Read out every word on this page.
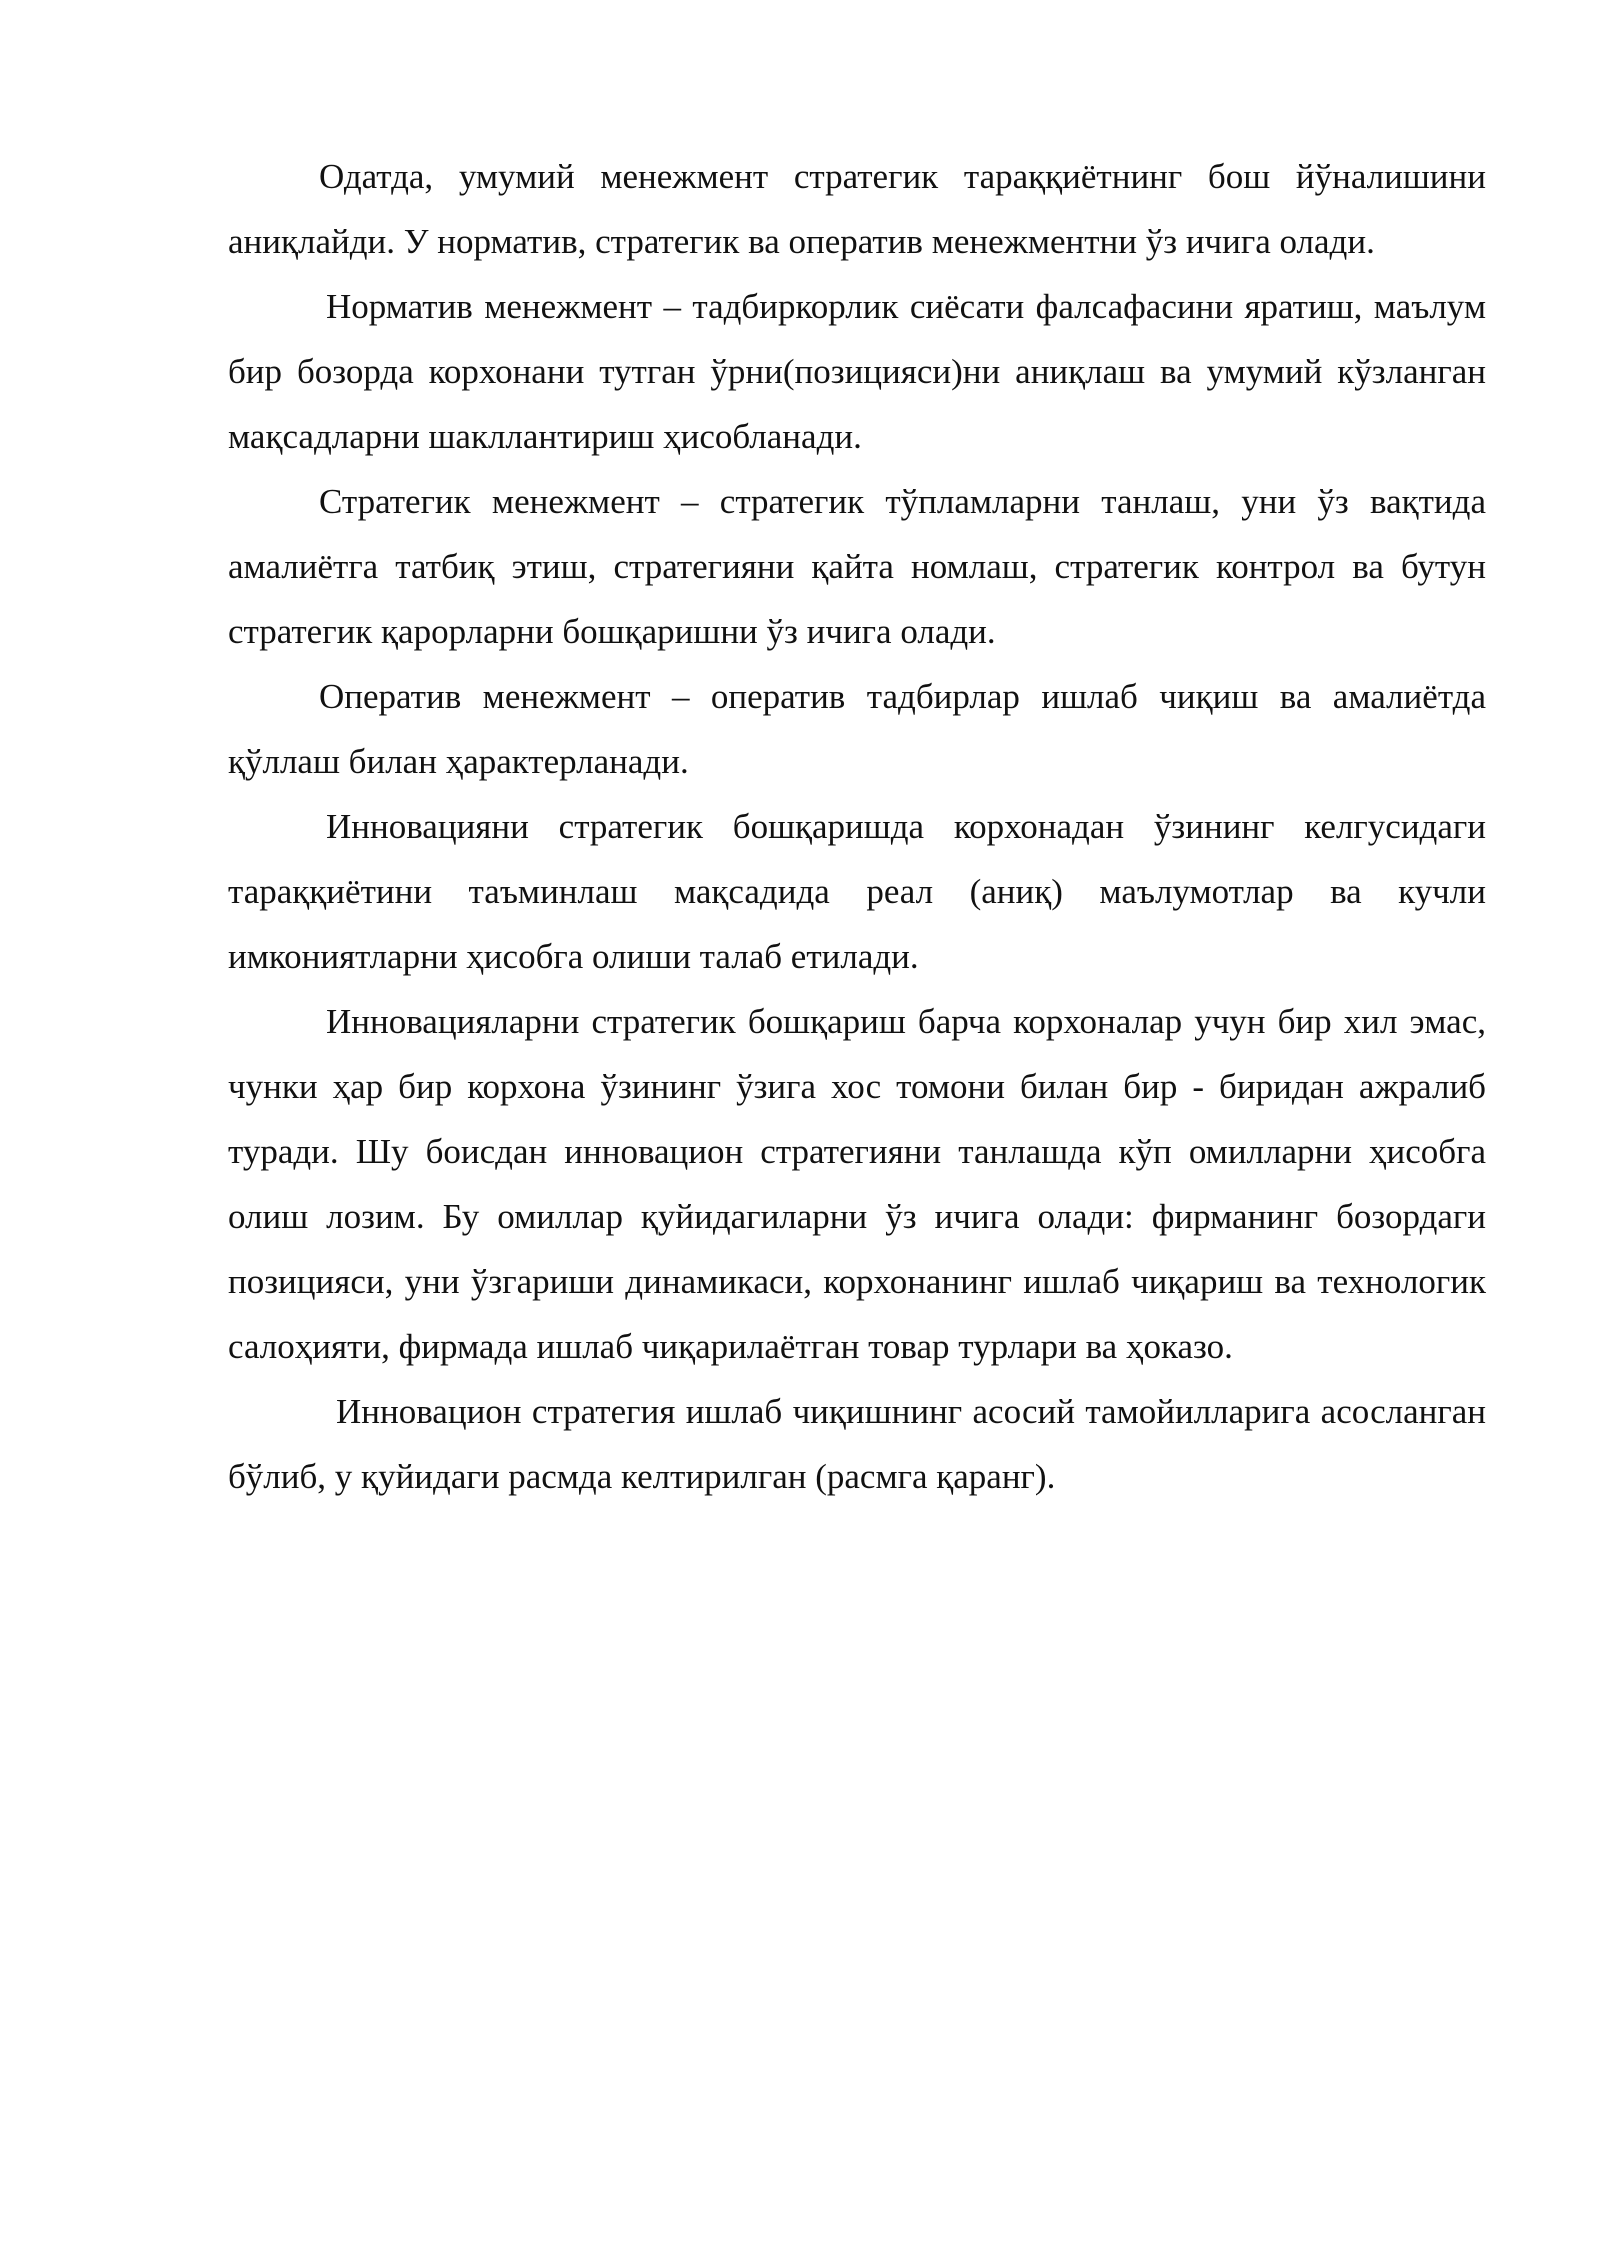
Одатда, умумий менежмент стратегик тараққиётнинг бош йўналишини аниқлайди. У норматив, стратегик ва оператив менежментни ўз ичига олади.

Норматив менежмент – тадбиркорлик сиёсати фалсафасини яратиш, маълум бир бозорда корхонани тутган ўрни(позицияси)ни аниқлаш ва умумий кўзланган мақсадларни шакллантириш ҳисобланади.

Стратегик менежмент – стратегик тўпламларни танлаш, уни ўз вақтида амалиётга татбиқ этиш, стратегияни қайта номлаш, стратегик контрол ва бутун стратегик қарорларни бошқаришни ўз ичига олади.

Оператив менежмент – оператив тадбирлар ишлаб чиқиш ва амалиётда қўллаш билан ҳарактерланади.

Инновацияни стратегик бошқаришда корхонадан ўзининг келгусидаги тараққиётини таъминлаш мақсадида реал (аниқ) маълумотлар ва кучли имкониятларни ҳисобга олиши талаб етилади.

Инновацияларни стратегик бошқариш барча корхоналар учун бир хил эмас, чунки ҳар бир корхона ўзининг ўзига хос томони билан бир - биридан ажралиб туради. Шу боисдан инновацион стратегияни танлашда кўп омилларни ҳисобга олиш лозим. Бу омиллар қуйидагиларни ўз ичига олади: фирманинг бозордаги позицияси, уни ўзгариши динамикаси, корхонанинг ишлаб чиқариш ва технологик салоҳияти, фирмада ишлаб чиқарилаётган товар турлари ва ҳоказо.

Инновацион стратегия ишлаб чиқишнинг асосий тамойилларига асосланган бўлиб, у қуйидаги расмда келтирилган (расмга қаранг).
